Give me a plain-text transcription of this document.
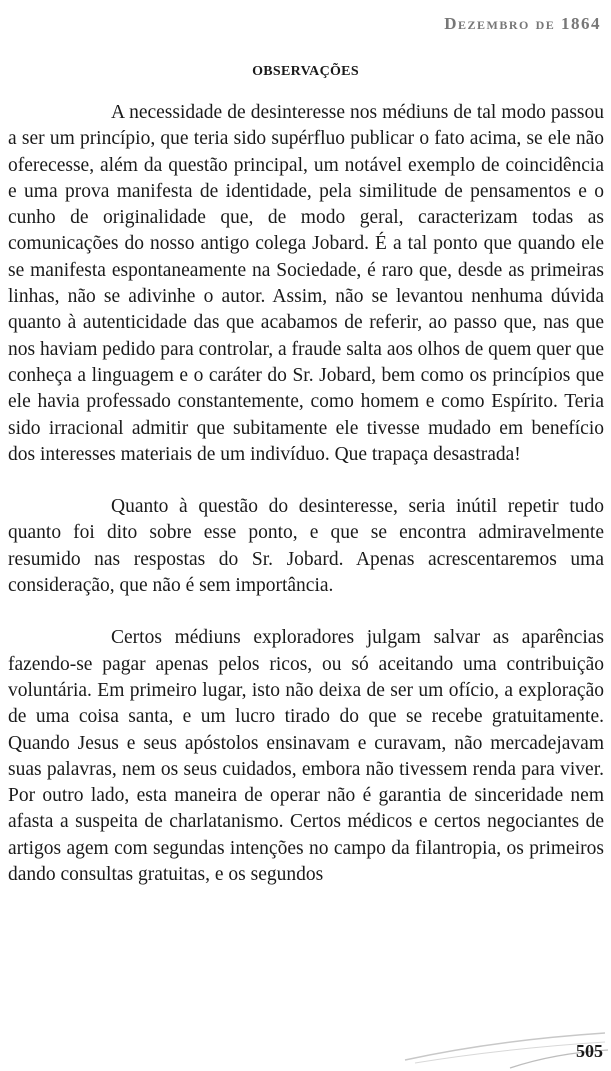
Dezembro de 1864
OBSERVAÇÕES

A necessidade de desinteresse nos médiuns de tal modo passou a ser um princípio, que teria sido supérfluo publicar o fato acima, se ele não oferecesse, além da questão principal, um notável exemplo de coincidência e uma prova manifesta de identidade, pela similitude de pensamentos e o cunho de originalidade que, de modo geral, caracterizam todas as comunicações do nosso antigo colega Jobard. É a tal ponto que quando ele se manifesta espontaneamente na Sociedade, é raro que, desde as primeiras linhas, não se adivinhe o autor. Assim, não se levantou nenhuma dúvida quanto à autenticidade das que acabamos de referir, ao passo que, nas que nos haviam pedido para controlar, a fraude salta aos olhos de quem quer que conheça a linguagem e o caráter do Sr. Jobard, bem como os princípios que ele havia professado constantemente, como homem e como Espírito. Teria sido irracional admitir que subitamente ele tivesse mudado em benefício dos interesses materiais de um indivíduo. Que trapaça desastrada!

Quanto à questão do desinteresse, seria inútil repetir tudo quanto foi dito sobre esse ponto, e que se encontra admiravelmente resumido nas respostas do Sr. Jobard. Apenas acrescentaremos uma consideração, que não é sem importância.

Certos médiuns exploradores julgam salvar as aparências fazendo-se pagar apenas pelos ricos, ou só aceitando uma contribuição voluntária. Em primeiro lugar, isto não deixa de ser um ofício, a exploração de uma coisa santa, e um lucro tirado do que se recebe gratuitamente. Quando Jesus e seus apóstolos ensinavam e curavam, não mercadejavam suas palavras, nem os seus cuidados, embora não tivessem renda para viver. Por outro lado, esta maneira de operar não é garantia de sinceridade nem afasta a suspeita de charlatanismo. Certos médicos e certos negociantes de artigos agem com segundas intenções no campo da filantropia, os primeiros dando consultas gratuitas, e os segundos

505
